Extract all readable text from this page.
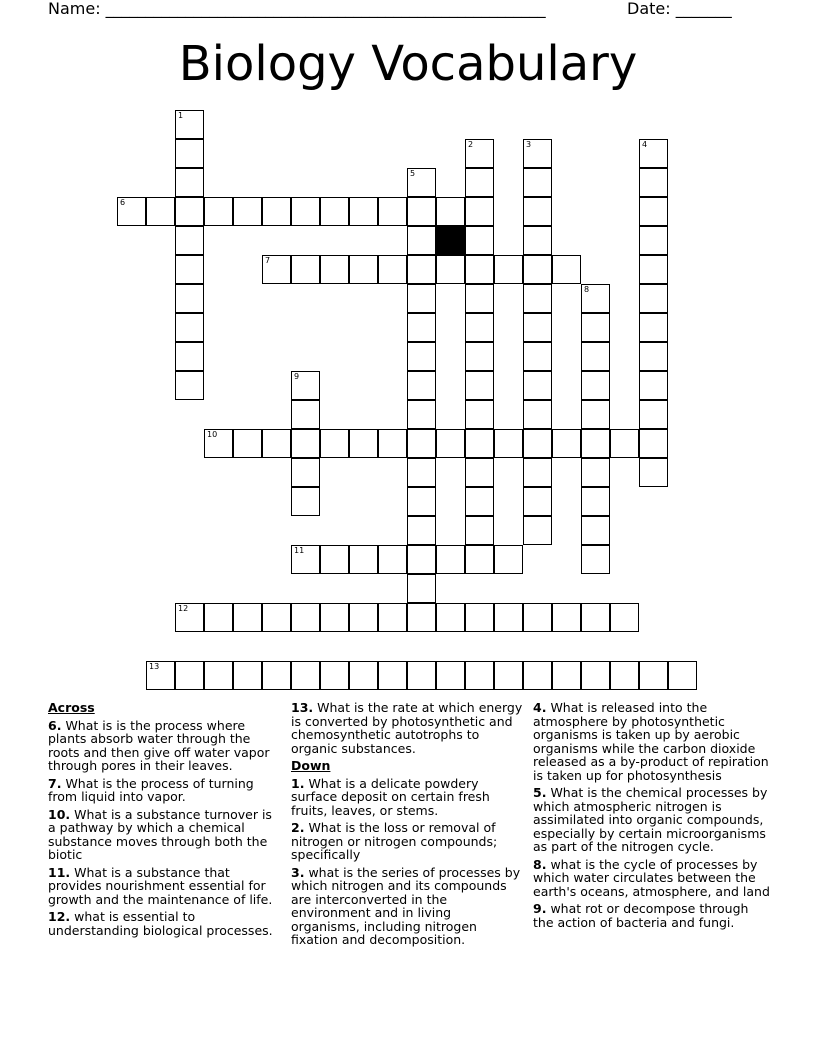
Name: _______________________________________________________	Date: _______
Biology Vocabulary
1
2	3	4
5
6
7
8
9
10
11
12
13
Across
6. What is is the process where plants absorb water through the roots and then give off water vapor through pores in their leaves.
7. What is the process of turning from liquid into vapor.
10. What is a substance turnover is a pathway by which a chemical substance moves through both the biotic
11. What is a substance that provides nourishment essential for growth and the maintenance of life.
12. what is essential to understanding biological processes.
13. What is the rate at which energy is converted by photosynthetic and chemosynthetic autotrophs to organic substances.
Down
1. What is a delicate powdery surface deposit on certain fresh fruits, leaves, or stems.
2. What is the loss or removal of nitrogen or nitrogen compounds; specifically
3. what is the series of processes by which nitrogen and its compounds are interconverted in the environment and in living organisms, including nitrogen fixation and decomposition.
4. What is released into the atmosphere by photosynthetic organisms is taken up by aerobic organisms while the carbon dioxide released as a by-product of repiration is taken up for photosynthesis
5. What is the chemical processes by which atmospheric nitrogen is assimilated into organic compounds, especially by certain microorganisms as part of the nitrogen cycle.
8. what is the cycle of processes by which water circulates between the earth's oceans, atmosphere, and land
9. what rot or decompose through the action of bacteria and fungi.
